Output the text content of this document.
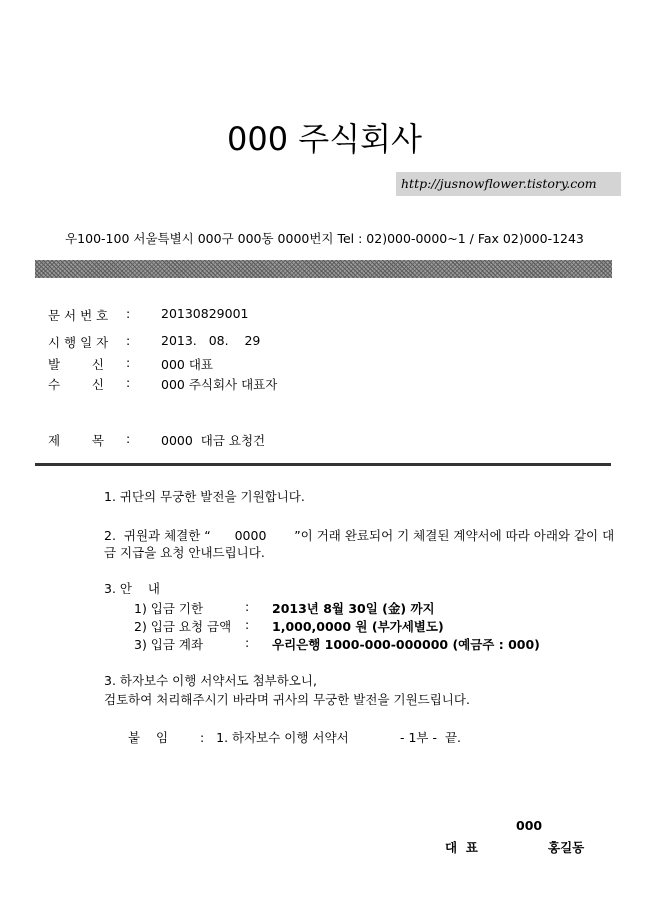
000 주식회사
http://jusnowflower.tistory.com
우100-100 서울특별시 000구 000동 0000번지 Tel : 02)000-0000~1 / Fax 02)000-1243
문 서 번 호 : 20130829001
시 행 일 자 : 2013.   08.    29
발        신 : 000 대표
수        신 : 000 주식회사 대표자
제        목 : 0000  대금 요청건
1. 귀단의 무궁한 발전을 기원합니다.
2.  귀원과 체결한 “      0000       ”이 거래 완료되어 기 체결된 계약서에 따라 아래와 같이 대
금 지급을 요청 안내드립니다.
3. 안    내
1) 입금 기한	: 2013년 8월 30일 (金) 까지
2) 입금 요청 금액 : 1,000,0000 원 (부가세별도)
3) 입금 계좌	: 우리은행 1000-000-000000 (예금주 : 000)
3. 하자보수 이행 서약서도 첨부하오니,
검토하여 처리해주시기 바라며 귀사의 무궁한 발전을 기원드립니다.
붙    임	:   1. 하자보수 이행 서약서	- 1부 -  끝.
000
대  표	홍길동
